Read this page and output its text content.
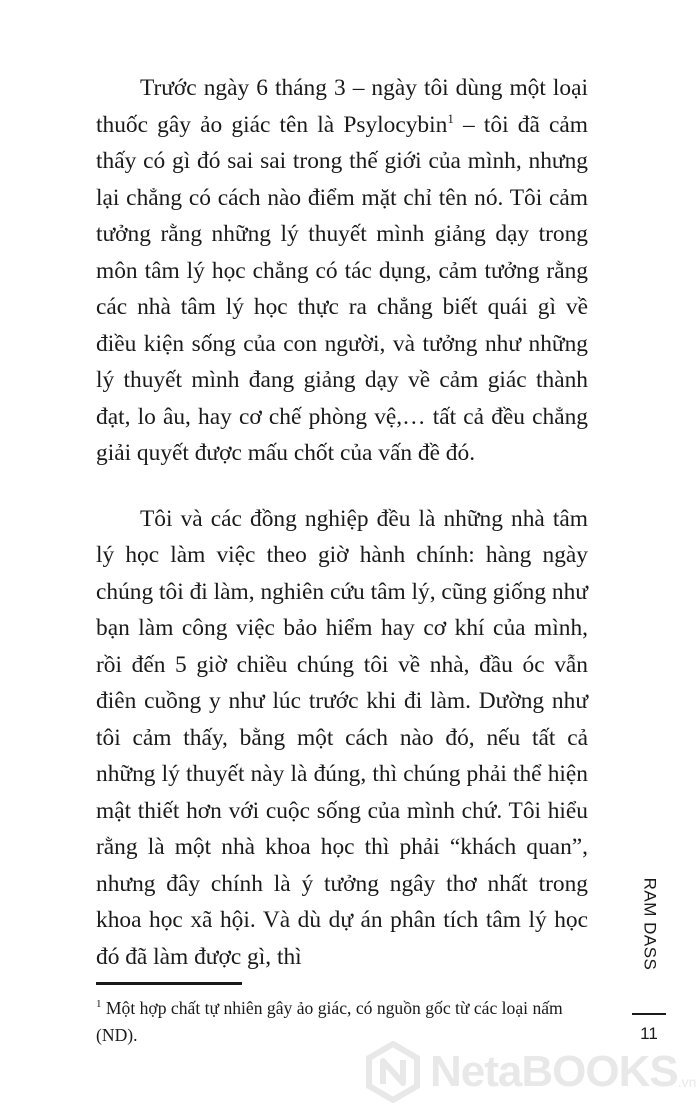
Trước ngày 6 tháng 3 – ngày tôi dùng một loại thuốc gây ảo giác tên là Psylocybin$^1$ – tôi đã cảm thấy có gì đó sai sai trong thế giới của mình, nhưng lại chẳng có cách nào điểm mặt chỉ tên nó. Tôi cảm tưởng rằng những lý thuyết mình giảng dạy trong môn tâm lý học chẳng có tác dụng, cảm tưởng rằng các nhà tâm lý học thực ra chẳng biết quái gì về điều kiện sống của con người, và tưởng như những lý thuyết mình đang giảng dạy về cảm giác thành đạt, lo âu, hay cơ chế phòng vệ,… tất cả đều chẳng giải quyết được mấu chốt của vấn đề đó.

Tôi và các đồng nghiệp đều là những nhà tâm lý học làm việc theo giờ hành chính: hàng ngày chúng tôi đi làm, nghiên cứu tâm lý, cũng giống như bạn làm công việc bảo hiểm hay cơ khí của mình, rồi đến 5 giờ chiều chúng tôi về nhà, đầu óc vẫn điên cuồng y như lúc trước khi đi làm. Dường như tôi cảm thấy, bằng một cách nào đó, nếu tất cả những lý thuyết này là đúng, thì chúng phải thể hiện mật thiết hơn với cuộc sống của mình chứ. Tôi hiểu rằng là một nhà khoa học thì phải “khách quan”, nhưng đây chính là ý tưởng ngây thơ nhất trong khoa học xã hội. Và dù dự án phân tích tâm lý học đó đã làm được gì, thì

$^1$ Một hợp chất tự nhiên gây ảo giác, có nguồn gốc từ các loại nấm (ND).

RAM DASS
11
NetaBOOKS .vn
